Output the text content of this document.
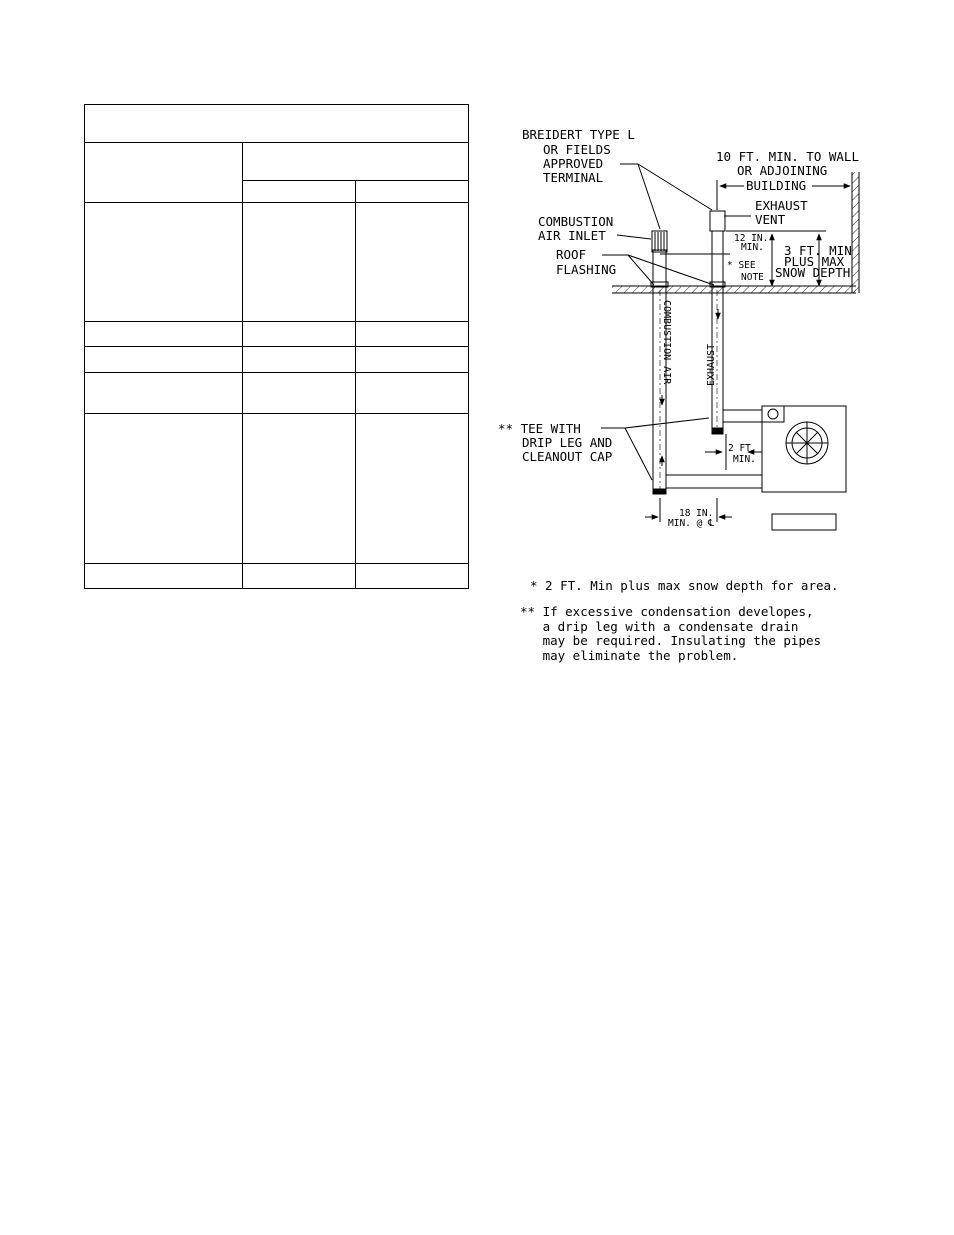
BREIDERT TYPE L OR FIELDS APPROVED TERMINAL
10 FT. MIN. TO WALL OR ADJOINING BUILDING
EXHAUST VENT
COMBUSTION AIR INLET
ROOF FLASHING
12 IN. MIN.	3 FT. MIN PLUS MAX SNOW DEPTH
* SEE NOTE
COMBUSTION AIR	EXHAUST
** TEE WITH DRIP LEG AND CLEANOUT CAP
2 FT. MIN.
18 IN. MIN. @ ℄
* 2 FT. Min plus max snow depth for area.
** If excessive condensation developes,
a drip leg with a condensate drain
may be required. Insulating the pipes
may eliminate the problem.
